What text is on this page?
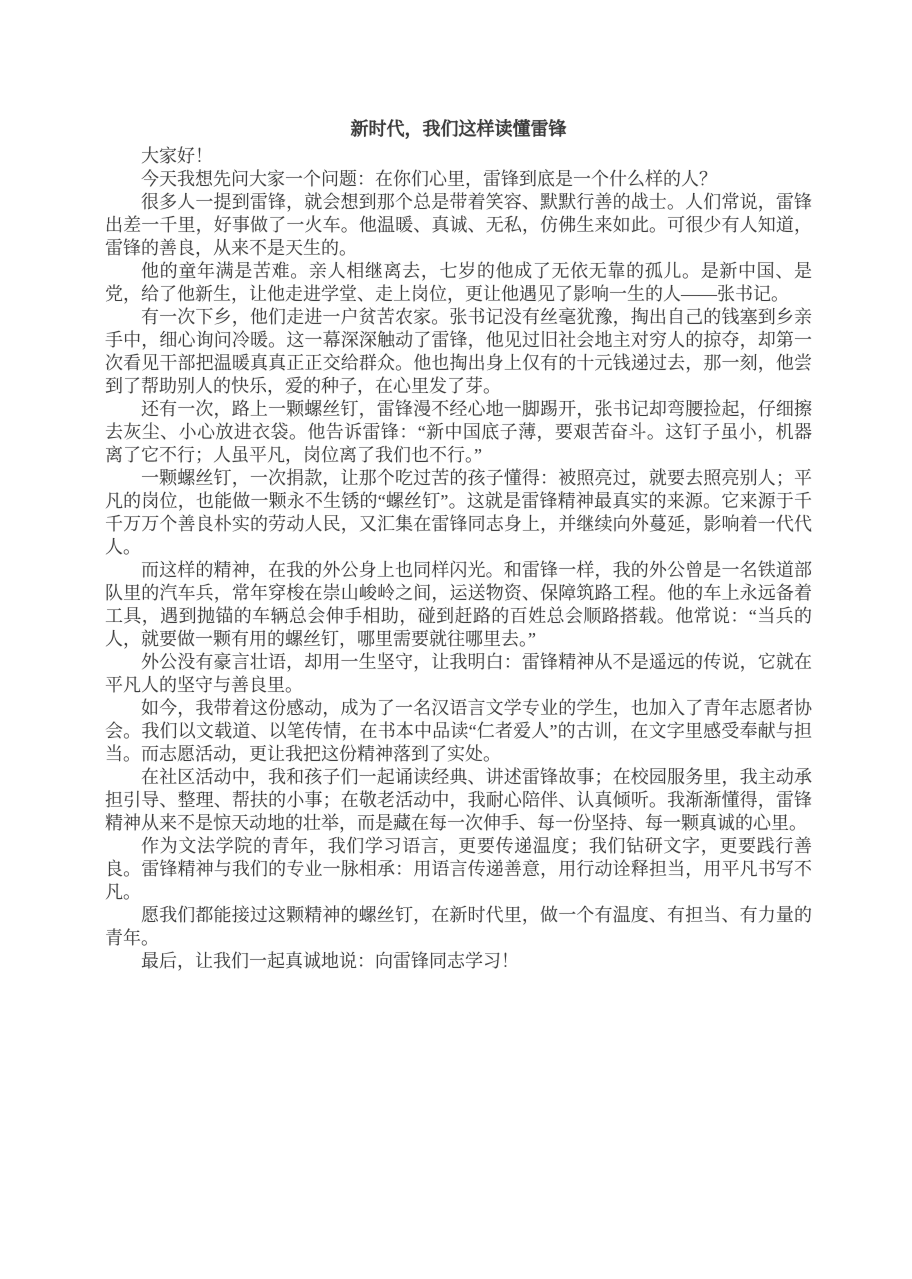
新时代，我们这样读懂雷锋

大家好！

今天我想先问大家一个问题：在你们心里，雷锋到底是一个什么样的人？

很多人一提到雷锋，就会想到那个总是带着笑容、默默行善的战士。人们常说，雷锋出差一千里，好事做了一火车。他温暖、真诚、无私，仿佛生来如此。可很少有人知道，雷锋的善良，从来不是天生的。

他的童年满是苦难。亲人相继离去，七岁的他成了无依无靠的孤儿。是新中国、是党，给了他新生，让他走进学堂、走上岗位，更让他遇见了影响一生的人——张书记。

有一次下乡，他们走进一户贫苦农家。张书记没有丝毫犹豫，掏出自己的钱塞到乡亲手中，细心询问冷暖。这一幕深深触动了雷锋，他见过旧社会地主对穷人的掠夺，却第一次看见干部把温暖真真正正交给群众。他也掏出身上仅有的十元钱递过去，那一刻，他尝到了帮助别人的快乐，爱的种子，在心里发了芽。

还有一次，路上一颗螺丝钉，雷锋漫不经心地一脚踢开，张书记却弯腰捡起，仔细擦去灰尘、小心放进衣袋。他告诉雷锋：“新中国底子薄，要艰苦奋斗。这钉子虽小，机器离了它不行；人虽平凡，岗位离了我们也不行。”

一颗螺丝钉，一次捐款，让那个吃过苦的孩子懂得：被照亮过，就要去照亮别人；平凡的岗位，也能做一颗永不生锈的“螺丝钉”。这就是雷锋精神最真实的来源。它来源于千千万万个善良朴实的劳动人民，又汇集在雷锋同志身上，并继续向外蔓延，影响着一代代人。

而这样的精神，在我的外公身上也同样闪光。和雷锋一样，我的外公曾是一名铁道部队里的汽车兵，常年穿梭在崇山峻岭之间，运送物资、保障筑路工程。他的车上永远备着工具，遇到抛锚的车辆总会伸手相助，碰到赶路的百姓总会顺路搭载。他常说：“当兵的人，就要做一颗有用的螺丝钉，哪里需要就往哪里去。”

外公没有豪言壮语，却用一生坚守，让我明白：雷锋精神从不是遥远的传说，它就在平凡人的坚守与善良里。

如今，我带着这份感动，成为了一名汉语言文学专业的学生，也加入了青年志愿者协会。我们以文载道、以笔传情，在书本中品读“仁者爱人”的古训，在文字里感受奉献与担当。而志愿活动，更让我把这份精神落到了实处。

在社区活动中，我和孩子们一起诵读经典、讲述雷锋故事；在校园服务里，我主动承担引导、整理、帮扶的小事；在敬老活动中，我耐心陪伴、认真倾听。我渐渐懂得，雷锋精神从来不是惊天动地的壮举，而是藏在每一次伸手、每一份坚持、每一颗真诚的心里。

作为文法学院的青年，我们学习语言，更要传递温度；我们钻研文字，更要践行善良。雷锋精神与我们的专业一脉相承：用语言传递善意，用行动诠释担当，用平凡书写不凡。

愿我们都能接过这颗精神的螺丝钉，在新时代里，做一个有温度、有担当、有力量的青年。

最后，让我们一起真诚地说：向雷锋同志学习！
